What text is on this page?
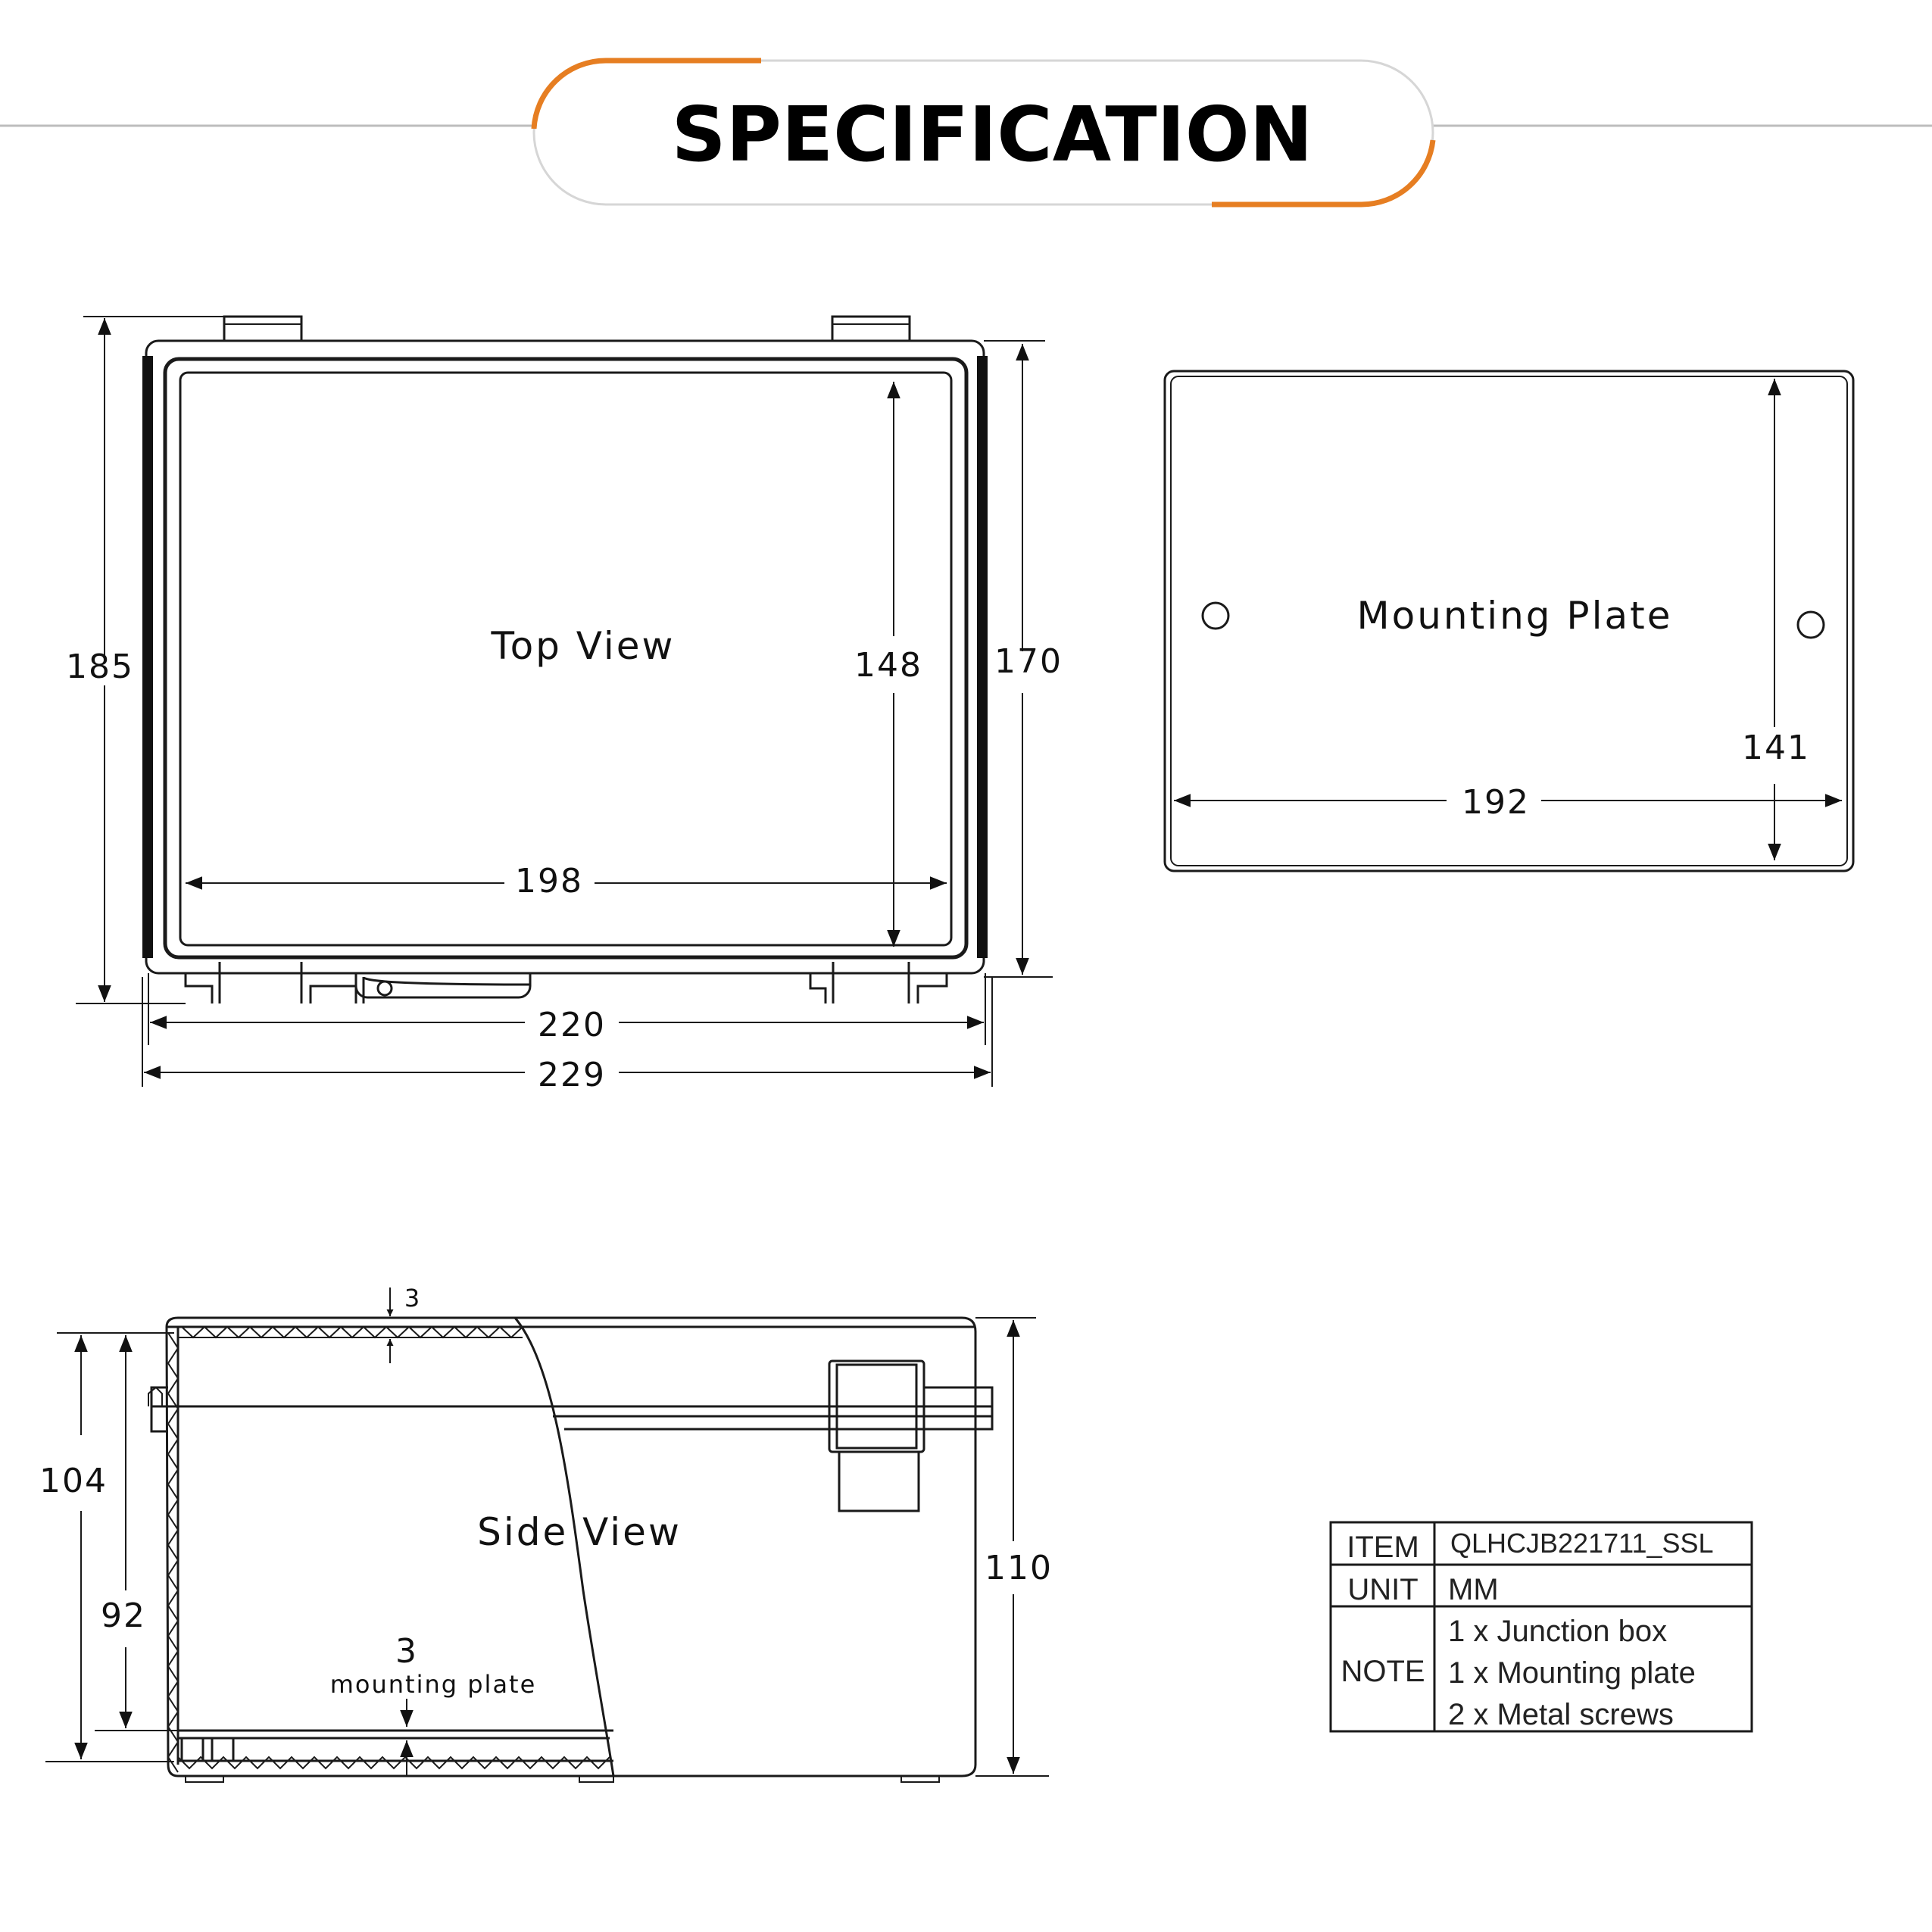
SPECIFICATION
Top View
185	148 170
198
220
229
Mounting Plate
141
192
Side View
3
104
92
110
3
mounting plate
ITEM QLHCJB221711_SSL
UNIT MM
NOTE
1 x Junction box
1 x Mounting plate
2 x Metal screws
